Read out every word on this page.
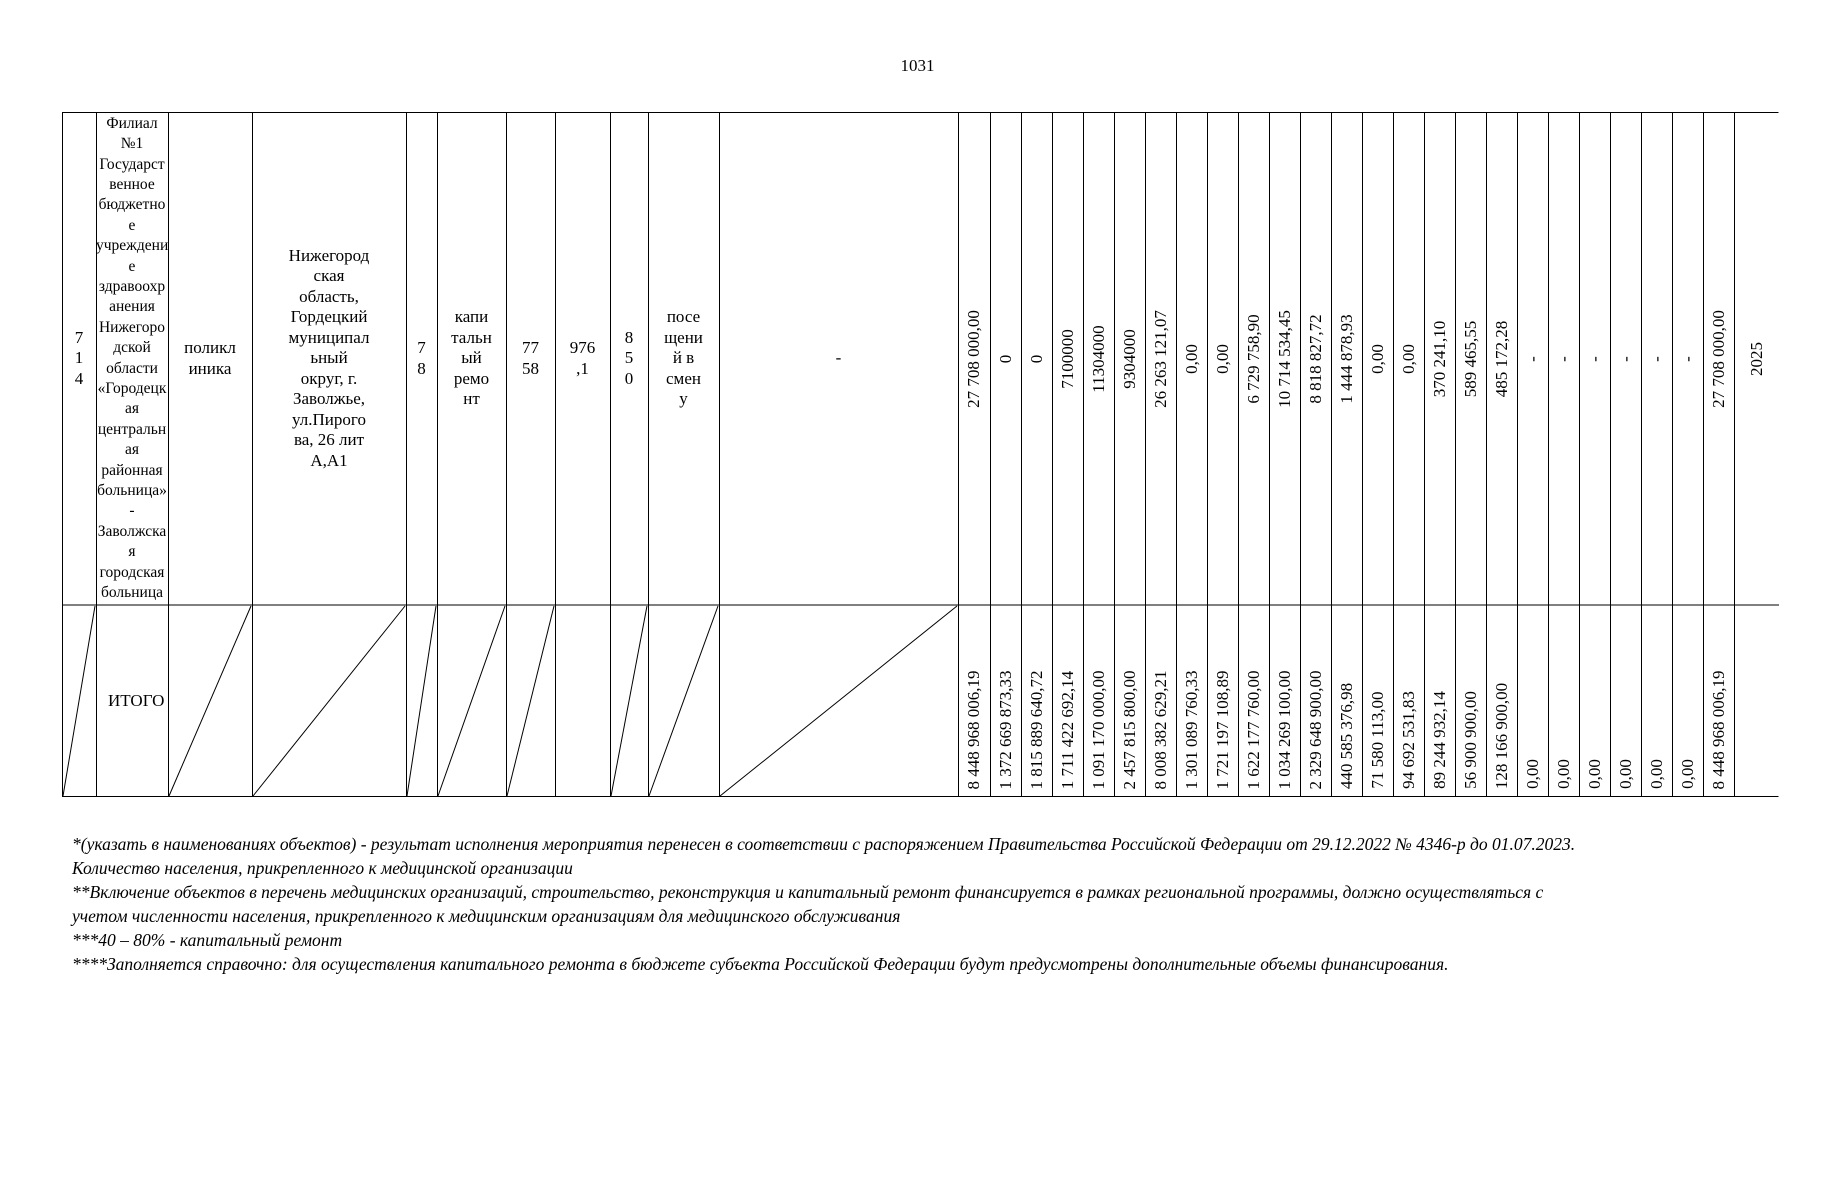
1031
7
1
4
Филиал
№1
Государст
венное
бюджетно
е
учреждени
е
здравоохр
анения
Нижегоро
дской
области
«Городецк
ая
центральн
ая
районная
больница»
-
Заволжска
я
городская
больница
поликл
иника
Нижегород
ская
область,
Гордецкий
муниципал
ьный
округ, г.
Заволжье,
ул.Пирого
ва, 26 лит
А,А1
7
8
капи
тальн
ый
ремо
нт
77
58
976
,1
8
5
0
посе
щени
й в
смен
у
-
ИТОГО
27 708 000,00 0 0 7100000 11304000 9304000 26 263 121,07 0,00 0,00 6 729 758,90 10 714 534,45 8 818 827,72 1 444 878,93 0,00 0,00 370 241,10 589 465,55 485 172,28 - - - - - - 27 708 000,00 2025
8 448 968 006,19 1 372 669 873,33 1 815 889 640,72 1 711 422 692,14 1 091 170 000,00 2 457 815 800,00 8 008 382 629,21 1 301 089 760,33 1 721 197 108,89 1 622 177 760,00 1 034 269 100,00 2 329 648 900,00 440 585 376,98 71 580 113,00 94 692 531,83 89 244 932,14 56 900 900,00 128 166 900,00 0,00 0,00 0,00 0,00 0,00 0,00 8 448 968 006,19

*(указать в наименованиях объектов) - результат исполнения мероприятия перенесен в соответствии с распоряжением Правительства Российской Федерации от 29.12.2022 № 4346-р до 01.07.2023.

Количество населения, прикрепленного к медицинской организации

**Включение объектов в перечень медицинских организаций, строительство, реконструкция и капитальный ремонт финансируется в рамках региональной программы, должно осуществляться с

учетом численности населения, прикрепленного к медицинским организациям для медицинского обслуживания

***40 – 80% - капитальный ремонт

****Заполняется справочно: для осуществления капитального ремонта в бюджете субъекта Российской Федерации будут предусмотрены дополнительные объемы финансирования.
